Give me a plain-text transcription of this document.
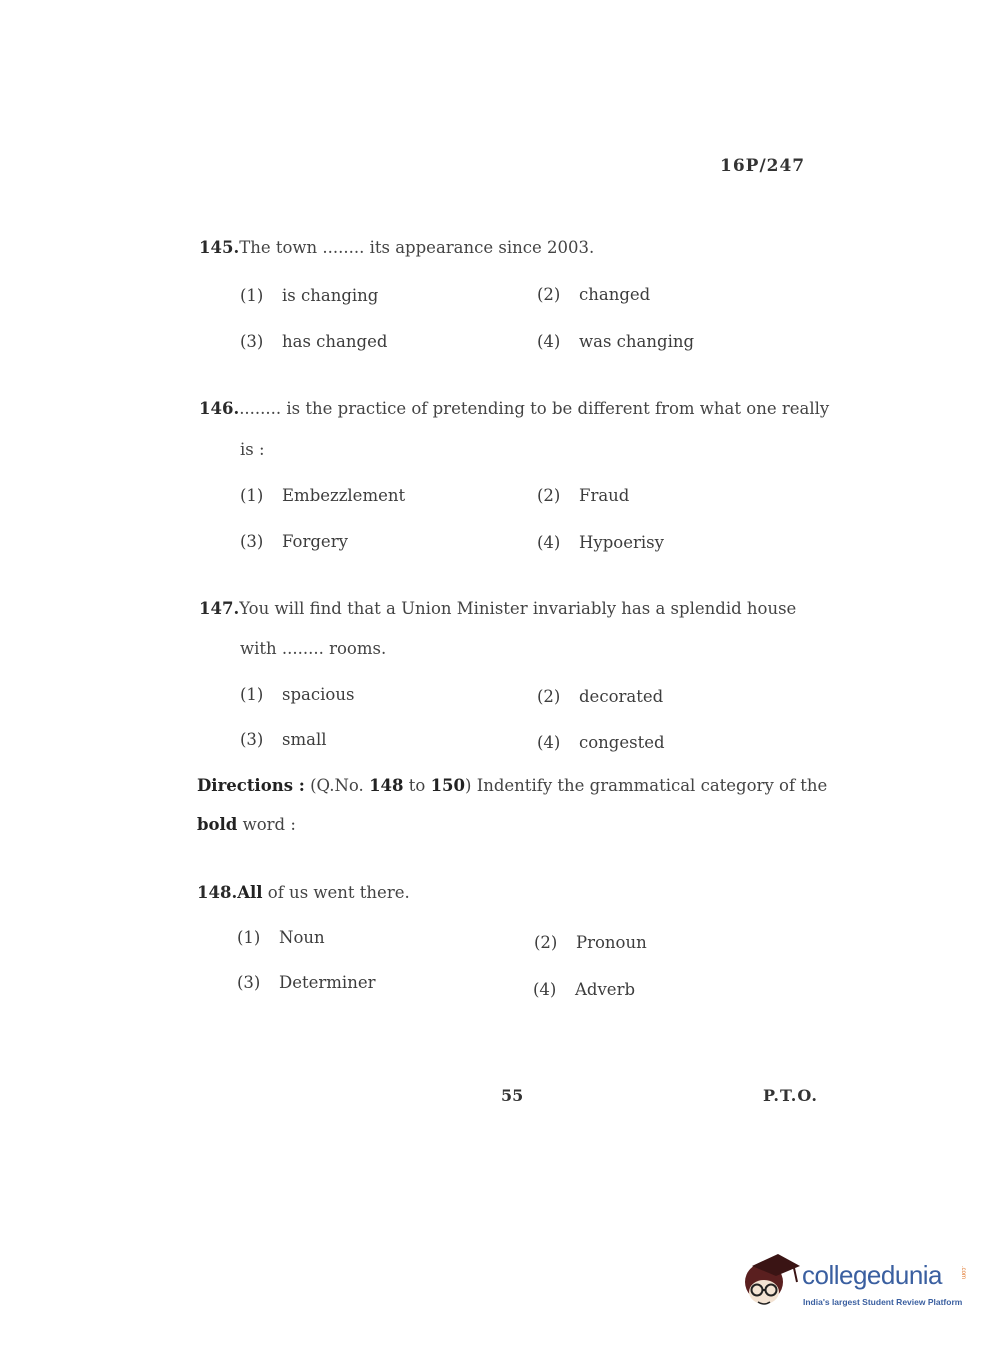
16P/247
145.The town ........ its appearance since 2003.
(1) is changing	(2) changed
(3) has changed	(4) was changing
146......... is the practice of pretending to be different from what one really
is :
(1) Embezzlement	(2) Fraud
(3) Forgery	(4) Hypoerisy
147.You will find that a Union Minister invariably has a splendid house
with ........ rooms.
(1) spacious	(2) decorated
(3) small	(4) congested
Directions : (Q.No. 148 to 150) Indentify the grammatical category of the
bold word :
148.All of us went there.
(1) Noun	(2) Pronoun
(3) Determiner	(4) Adverb
55	P.T.O.
collegedunia	.com
India's largest Student Review Platform
